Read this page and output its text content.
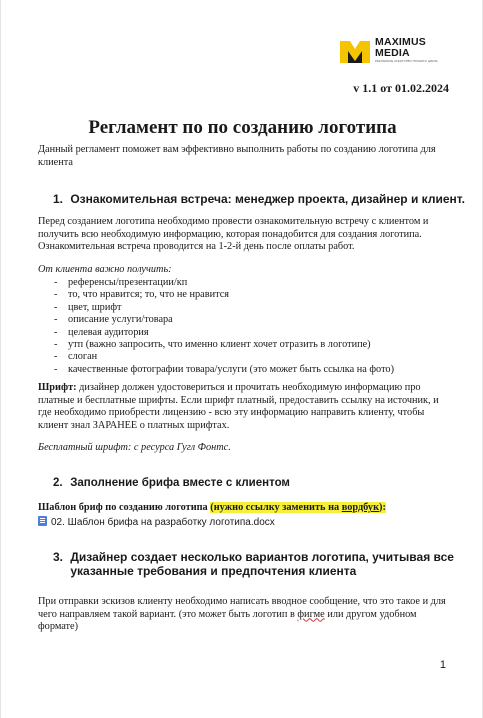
MAXIMUS
MEDIA
РЕКЛАМНОЕ АГЕНТСТВО ПОЛНОГО ЦИКЛА
v 1.1 от 01.02.2024
Регламент по по созданию логотипа
Данный регламент поможет вам эффективно выполнить работы по созданию логотипа для клиента
1. Ознакомительная встреча: менеджер проекта, дизайнер и клиент.
Перед созданием логотипа необходимо провести ознакомительную встречу с клиентом и получить всю необходимую информацию, которая понадобится для создания логотипа. Ознакомительная встреча проводится на 1-2-й день после оплаты работ.
От клиента важно получить:
- референсы/презентации/кп
- то, что нравится; то, что не нравится
- цвет, шрифт
- описание услуги/товара
- целевая аудитория
- утп (важно запросить, что именно клиент хочет отразить в логотипе)
- слоган
- качественные фотографии товара/услуги (это может быть ссылка на фото)
Шрифт: дизайнер должен удостовериться и прочитать необходимую информацию про платные и бесплатные шрифты. Если шрифт платный, предоставить ссылку на источник, и где необходимо приобрести лицензию - всю эту информацию направить клиенту, чтобы клиент знал ЗАРАНЕЕ о платных шрифтах.
Бесплатный шрифт: с ресурса Гугл Фонтс.
2. Заполнение брифа вместе с клиентом
Шаблон бриф по созданию логотипа (нужно ссылку заменить на вордбук):
02. Шаблон брифа на разработку логотипа.docx
3. Дизайнер создает несколько вариантов логотипа, учитывая все
указанные требования и предпочтения клиента
При отправки эскизов клиенту необходимо написать вводное сообщение, что это такое и для чего направляем такой вариант. (это может быть логотип в фигме или другом удобном формате)
1
